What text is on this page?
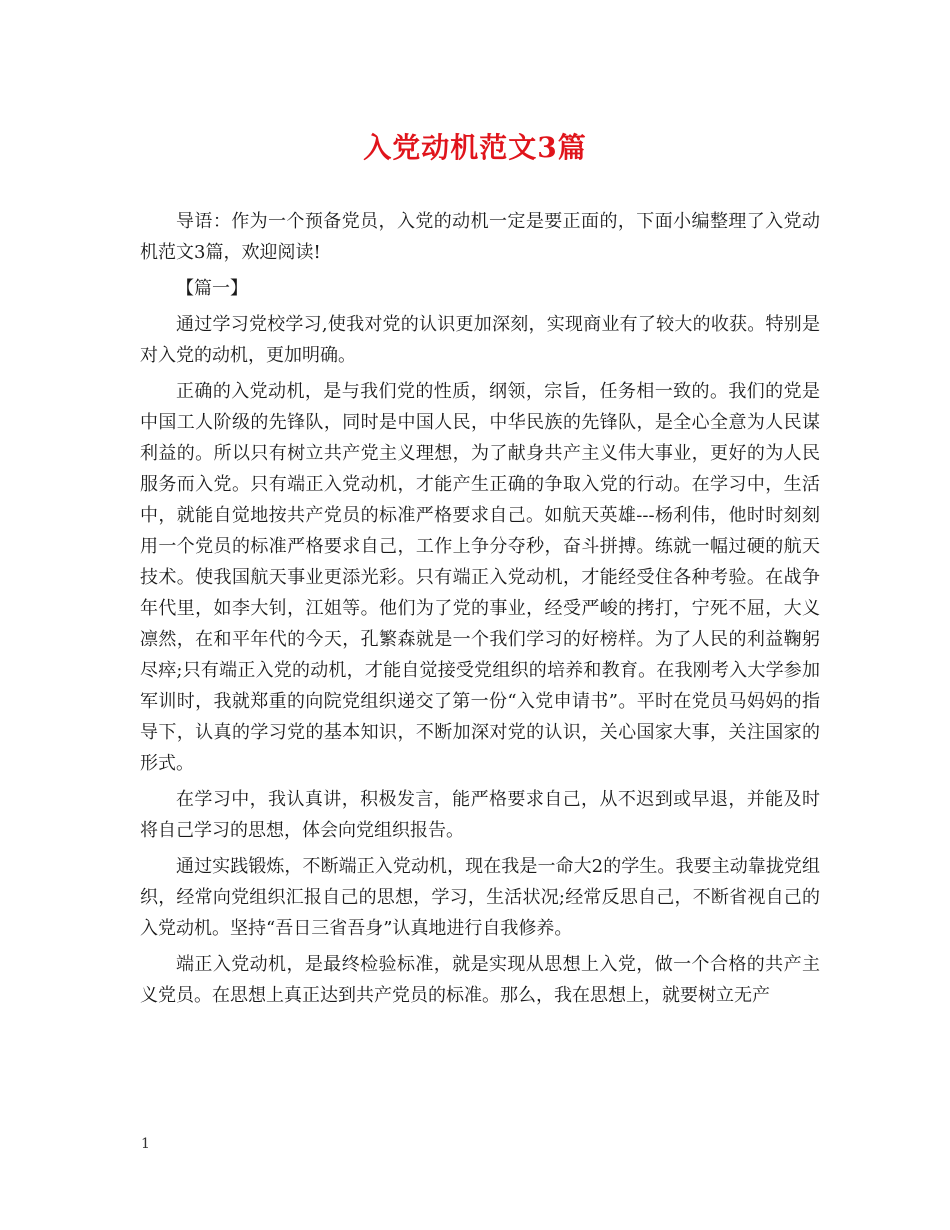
入党动机范文3篇

导语：作为一个预备党员，入党的动机一定是要正面的，下面小编整理了入党动机范文3篇，欢迎阅读!

【篇一】

通过学习党校学习,使我对党的认识更加深刻，实现商业有了较大的收获。特别是对入党的动机，更加明确。

正确的入党动机，是与我们党的性质，纲领，宗旨，任务相一致的。我们的党是中国工人阶级的先锋队，同时是中国人民，中华民族的先锋队，是全心全意为人民谋利益的。所以只有树立共产党主义理想，为了献身共产主义伟大事业，更好的为人民服务而入党。只有端正入党动机，才能产生正确的争取入党的行动。在学习中，生活中，就能自觉地按共产党员的标准严格要求自己。如航天英雄---杨利伟，他时时刻刻用一个党员的标准严格要求自己，工作上争分夺秒，奋斗拼搏。练就一幅过硬的航天技术。使我国航天事业更添光彩。只有端正入党动机，才能经受住各种考验。在战争年代里，如李大钊，江姐等。他们为了党的事业，经受严峻的拷打，宁死不屈，大义凛然，在和平年代的今天，孔繁森就是一个我们学习的好榜样。为了人民的利益鞠躬尽瘁;只有端正入党的动机，才能自觉接受党组织的培养和教育。在我刚考入大学参加军训时，我就郑重的向院党组织递交了第一份“入党申请书”。平时在党员马妈妈的指导下，认真的学习党的基本知识，不断加深对党的认识，关心国家大事，关注国家的形式。

在学习中，我认真讲，积极发言，能严格要求自己，从不迟到或早退，并能及时将自己学习的思想，体会向党组织报告。

通过实践锻炼，不断端正入党动机，现在我是一命大2的学生。我要主动靠拢党组织，经常向党组织汇报自己的思想，学习，生活状况;经常反思自己，不断省视自己的入党动机。坚持“吾日三省吾身”认真地进行自我修养。

端正入党动机，是最终检验标准，就是实现从思想上入党，做一个合格的共产主义党员。在思想上真正达到共产党员的标准。那么，我在思想上，就要树立无产

1
